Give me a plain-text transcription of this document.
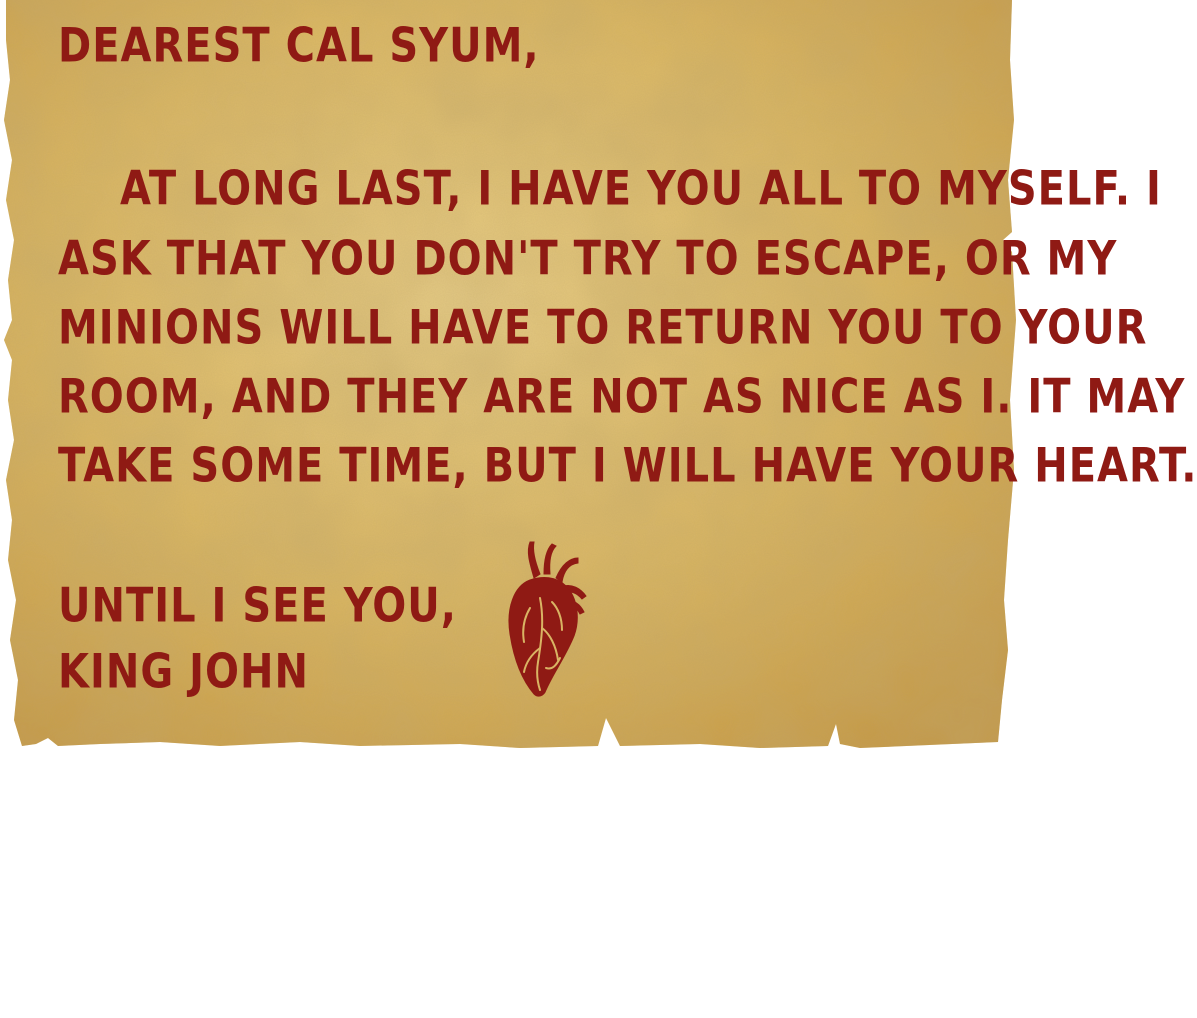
DEAREST CAL SYUM,
AT LONG LAST, I HAVE YOU ALL TO MYSELF. I
ASK THAT YOU DON'T TRY TO ESCAPE, OR MY
MINIONS WILL HAVE TO RETURN YOU TO YOUR
ROOM, AND THEY ARE NOT AS NICE AS I. IT MAY
TAKE SOME TIME, BUT I WILL HAVE YOUR HEART.
UNTIL I SEE YOU,
KING JOHN
